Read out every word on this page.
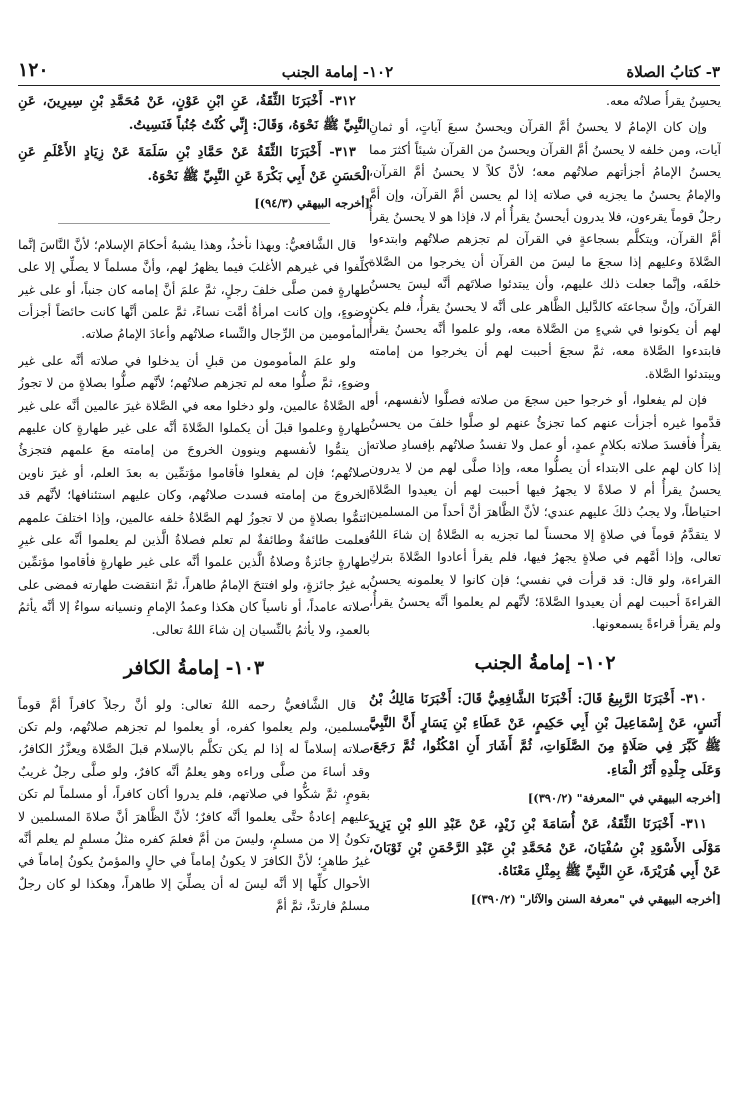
٣- كتابُ الصلاة
١٠٢- إمامة الجنب
١٢٠

يحسِنُ يقرأُ صلاتُه معه.

وإن كان الإمامُ لا يحسنُ أمَّ القرآن ويحسنُ سبعَ آياتٍ، أو ثمانِ آيات، ومن خلفه لا يحسنُ أمَّ القرآن ويحسنُ من القرآن شيئاً أكثرَ مما يحسنُ الإمامُ أجزأتهم صلاتُهم معه؛ لأنَّ كلاً لا يحسنُ أمَّ القرآن، والإمامُ يحسنُ ما يجزيه في صلاته إذا لم يحسن أمَّ القرآن، وإن أمَّ رجلٌ قوماً يقرءون، فلا يدرون أيحسنُ يقرأُ أم لا، فإذا هو لا يحسنُ يقرأُ أمَّ القرآن، ويتكلَّم بسجاعةٍ في القرآن لم تجزهم صلاتُهم وابتدءوا الصَّلاةَ وعليهم إذا سجعَ ما ليسَ من القرآن أن يخرجوا من الصَّلاة خلفَه، وإنَّما جعلت ذلك عليهم، وأن يبتدئوا صلاتَهم أنَّه ليسَ يحسنُ القرآنَ، وإنَّ سجاعتَه كالدَّليل الظَّاهر على أنَّه لا يحسنُ يقرأُ، فلم يكن لهم أن يكونوا في شيءٍ من الصَّلاة معه، ولو علموا أنَّه يحسنُ يقرأُ فابتدءوا الصَّلاة معه، ثمَّ سجعَ أحببت لهم أن يخرجوا من إمامته ويبتدئوا الصَّلاة.

فإن لم يفعلوا، أو خرجوا حين سجعَ من صلاته فصلَّوا لأنفسهم، أو قدَّموا غيره أجزأت عنهم كما تجزئُ عنهم لو صلَّوا خلفَ من يحسنُ يقرأُ فأفسدَ صلاته بكلامٍ عمدٍ، أو عمل ولا تفسدُ صلاتُهم بإفسادِ صلاته إذا كان لهم على الابتداء أن يصلُّوا معه، وإذا صلَّى لهم من لا يدرون يحسنُ يقرأُ أم لا صلاةً لا يجهرُ فيها أحببت لهم أن يعيدوا الصَّلاةَ احتياطاً، ولا يجبُ ذلكَ عليهم عندي؛ لأنَّ الظَّاهرَ أنَّ أحداً من المسلمين لا يتقدَّمُ قوماً في صلاةٍ إلا محسناً لما تجزيه به الصَّلاةُ إن شاءَ اللهُ تعالى، وإذا أمَّهم في صلاةٍ يجهرُ فيها، فلم يقرأ أعادوا الصَّلاةَ بتركِ القراءة، ولو قال: قد قرأت في نفسي؛ فإن كانوا لا يعلمونه يحسنُ القراءةَ أحببت لهم أن يعيدوا الصَّلاةَ؛ لأنَّهم لم يعلموا أنَّه يحسنُ يقرأُ، ولم يقرأ قراءةً يسمعونها.

١٠٢- إمامةُ الجنب

٣١٠- أَخْبَرَنَا الرَّبِيعُ قَالَ: أَخْبَرَنَا الشَّافِعِيُّ قَالَ: أَخْبَرَنَا مَالِكُ بْنُ أَنَسٍ، عَنْ إِسْمَاعِيلَ بْنِ أَبِي حَكِيمٍ، عَنْ عَطَاءِ بْنِ يَسَارٍ أَنَّ النَّبِيَّ ﷺ كَبَّرَ فِي صَلَاةٍ مِنَ الصَّلَوَاتِ، ثُمَّ أَشَارَ أَنِ امْكُثُوا، ثُمَّ رَجَعَ، وَعَلَى جِلْدِهِ أَثَرُ الْمَاءِ.

[أخرجه البيهقي في "المعرفة" (٣٩٠/٢)]

٣١١- أَخْبَرَنَا الثِّقَةُ، عَنْ أُسَامَةَ بْنِ زَيْدٍ، عَنْ عَبْدِ اللهِ بْنِ يَزِيدَ مَوْلَى الأَسْوَدِ بْنِ سُفْيَانَ، عَنْ مُحَمَّدِ بْنِ عَبْدِ الرَّحْمَنِ بْنِ ثَوْبَانَ، عَنْ أَبِي هُرَيْرَةَ، عَنِ النَّبِيِّ ﷺ بِمِثْلِ مَعْنَاهُ.

[أخرجه البيهقي في "معرفة السنن والآثار" (٣٩٠/٢)]

٣١٢- أَخْبَرَنَا الثِّقَةُ، عَنِ ابْنِ عَوْنٍ، عَنْ مُحَمَّدِ بْنِ سِيرِينَ، عَنِ النَّبِيِّ ﷺ نَحْوَهُ، وَقَالَ: إِنِّي كُنْتُ جُنُباً فَنَسِيتُ.

٣١٣- أَخْبَرَنَا الثِّقَةُ عَنْ حَمَّادِ بْنِ سَلَمَةَ عَنْ زِيَادٍ الأَعْلَمِ عَنِ الْحَسَنِ عَنْ أَبِي بَكْرَةَ عَنِ النَّبِيِّ ﷺ نَحْوَهُ.

[أخرجه البيهقي (٩٤/٣)]

قال الشَّافعيُّ: وبهذا نأخذُ، وهذا يشبهُ أحكامَ الإسلام؛ لأنَّ النَّاسَ إنَّما كلِّفوا في غيرهم الأغلبَ فيما يظهرُ لهم، وأنَّ مسلماً لا يصلِّي إلا على طهارةٍ فمن صلَّى خلفَ رجلٍ، ثمَّ علمَ أنَّ إمامه كان جنباً، أو على غير وضوءٍ، وإن كانت امرأةٌ أمَّت نساءً، ثمَّ علمن أنَّها كانت حائضاً أجزأت المأمومين من الرِّجال والنِّساء صلاتُهم وأعادَ الإمامُ صلاته.

ولو علمَ المأمومون من قبلِ أن يدخلوا في صلاته أنَّه على غير وضوءٍ، ثمَّ صلُّوا معه لم تجزهم صلاتُهم؛ لأنَّهم صلُّوا بصلاةٍ من لا تجوزُ له الصَّلاةُ عالمين، ولو دخلوا معه في الصَّلاة غيرَ عالمين أنَّه على غير طهارةٍ وعلموا قبلَ أن يكملوا الصَّلاةَ أنَّه على غير طهارةٍ كان عليهم أن يتمُّوا لأنفسهم وينوون الخروجَ من إمامته معَ علمهم فتجزئُ صلاتُهم؛ فإن لم يفعلوا فأقاموا مؤتمِّين به بعدَ العلم، أو غيرَ ناوين الخروجَ من إمامته فسدت صلاتُهم، وكان عليهم استئنافها؛ لأنَّهم قد ائتمُّوا بصلاةٍ من لا تجوزُ لهم الصَّلاةُ خلفه عالمين، وإذا اختلفَ علمهم فعلمت طائفةٌ وطائفةٌ لم تعلم فصلاةُ الَّذين لم يعلموا أنَّه على غيرِ طهارةٍ جائزةٌ وصلاةُ الَّذين علموا أنَّه على غير طهارةٍ فأقاموا مؤتمِّين به غيرُ جائزةٍ، ولو افتتحَ الإمامُ طاهراً، ثمَّ انتقضت طهارته فمضى على صلاته عامداً، أو ناسياً كان هكذا وعمدُ الإمامِ ونسيانه سواءٌ إلا أنَّه يأثمُ بالعمدِ، ولا يأثمُ بالنِّسيان إن شاءَ اللهُ تعالى.

١٠٣- إمامةُ الكافر

قال الشَّافعيُّ رحمه اللهُ تعالى: ولو أنَّ رجلاً كافراً أمَّ قوماً مسلمين، ولم يعلموا كفره، أو يعلموا لم تجزهم صلاتُهم، ولم تكن صلاته إسلاماً له إذا لم يكن تكلَّم بالإسلام قبلَ الصَّلاة ويعزَّرُ الكافرُ، وقد أساءَ من صلَّى وراءه وهو يعلمُ أنَّه كافرٌ، ولو صلَّى رجلٌ غريبٌ بقومٍ، ثمَّ شكُّوا في صلاتهم، فلم يدروا أكان كافراً، أو مسلماً لم تكن عليهم إعادةٌ حتَّى يعلموا أنَّه كافرٌ؛ لأنَّ الظَّاهرَ أنَّ صلاةَ المسلمين لا تكونُ إلا من مسلمٍ، وليسَ من أمَّ فعلمَ كفره مثلُ مسلمٍ لم يعلم أنَّه غيرُ طاهرٍ؛ لأنَّ الكافرَ لا يكونُ إماماً في حالٍ والمؤمنُ يكونُ إماماً في الأحوال كلِّها إلا أنَّه ليسَ له أن يصلِّيَ إلا طاهراً، وهكذا لو كان رجلٌ مسلمٌ فارتدَّ، ثمَّ أمَّ
